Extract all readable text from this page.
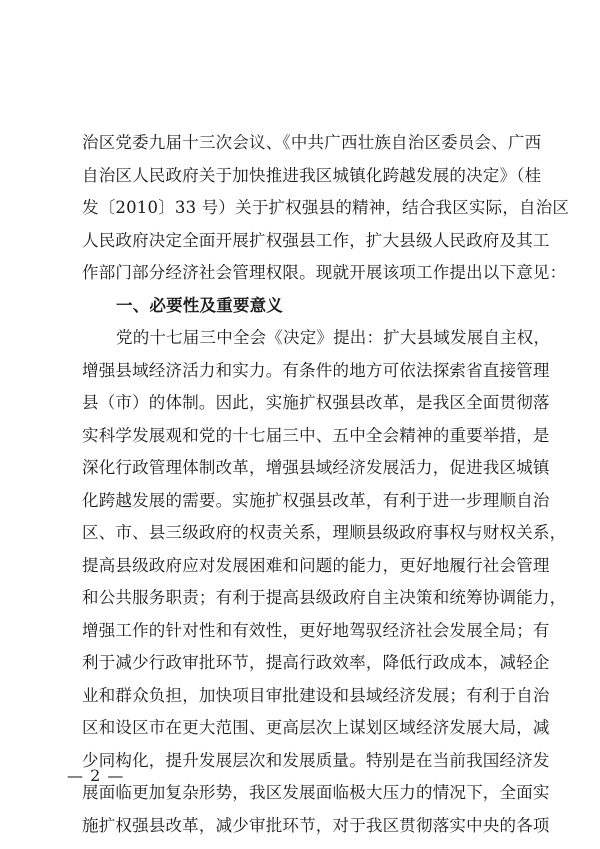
治区党委九届十三次会议、《中共广西壮族自治区委员会、广西
自治区人民政府关于加快推进我区城镇化跨越发展的决定》（桂
发〔2010〕33 号）关于扩权强县的精神，结合我区实际，自治区
人民政府决定全面开展扩权强县工作，扩大县级人民政府及其工
作部门部分经济社会管理权限。现就开展该项工作提出以下意见：
一、必要性及重要意义
党的十七届三中全会《决定》提出：扩大县域发展自主权，
增强县域经济活力和实力。有条件的地方可依法探索省直接管理
县（市）的体制。因此，实施扩权强县改革，是我区全面贯彻落
实科学发展观和党的十七届三中、五中全会精神的重要举措，是
深化行政管理体制改革，增强县域经济发展活力，促进我区城镇
化跨越发展的需要。实施扩权强县改革，有利于进一步理顺自治
区、市、县三级政府的权责关系，理顺县级政府事权与财权关系，
提高县级政府应对发展困难和问题的能力，更好地履行社会管理
和公共服务职责；有利于提高县级政府自主决策和统筹协调能力，
增强工作的针对性和有效性，更好地驾驭经济社会发展全局；有
利于减少行政审批环节，提高行政效率，降低行政成本，减轻企
业和群众负担，加快项目审批建设和县域经济发展；有利于自治
区和设区市在更大范围、更高层次上谋划区域经济发展大局，减
少同构化，提升发展层次和发展质量。特别是在当前我国经济发
展面临更加复杂形势，我区发展面临极大压力的情况下，全面实
施扩权强县改革，减少审批环节，对于我区贯彻落实中央的各项
— 2 —
